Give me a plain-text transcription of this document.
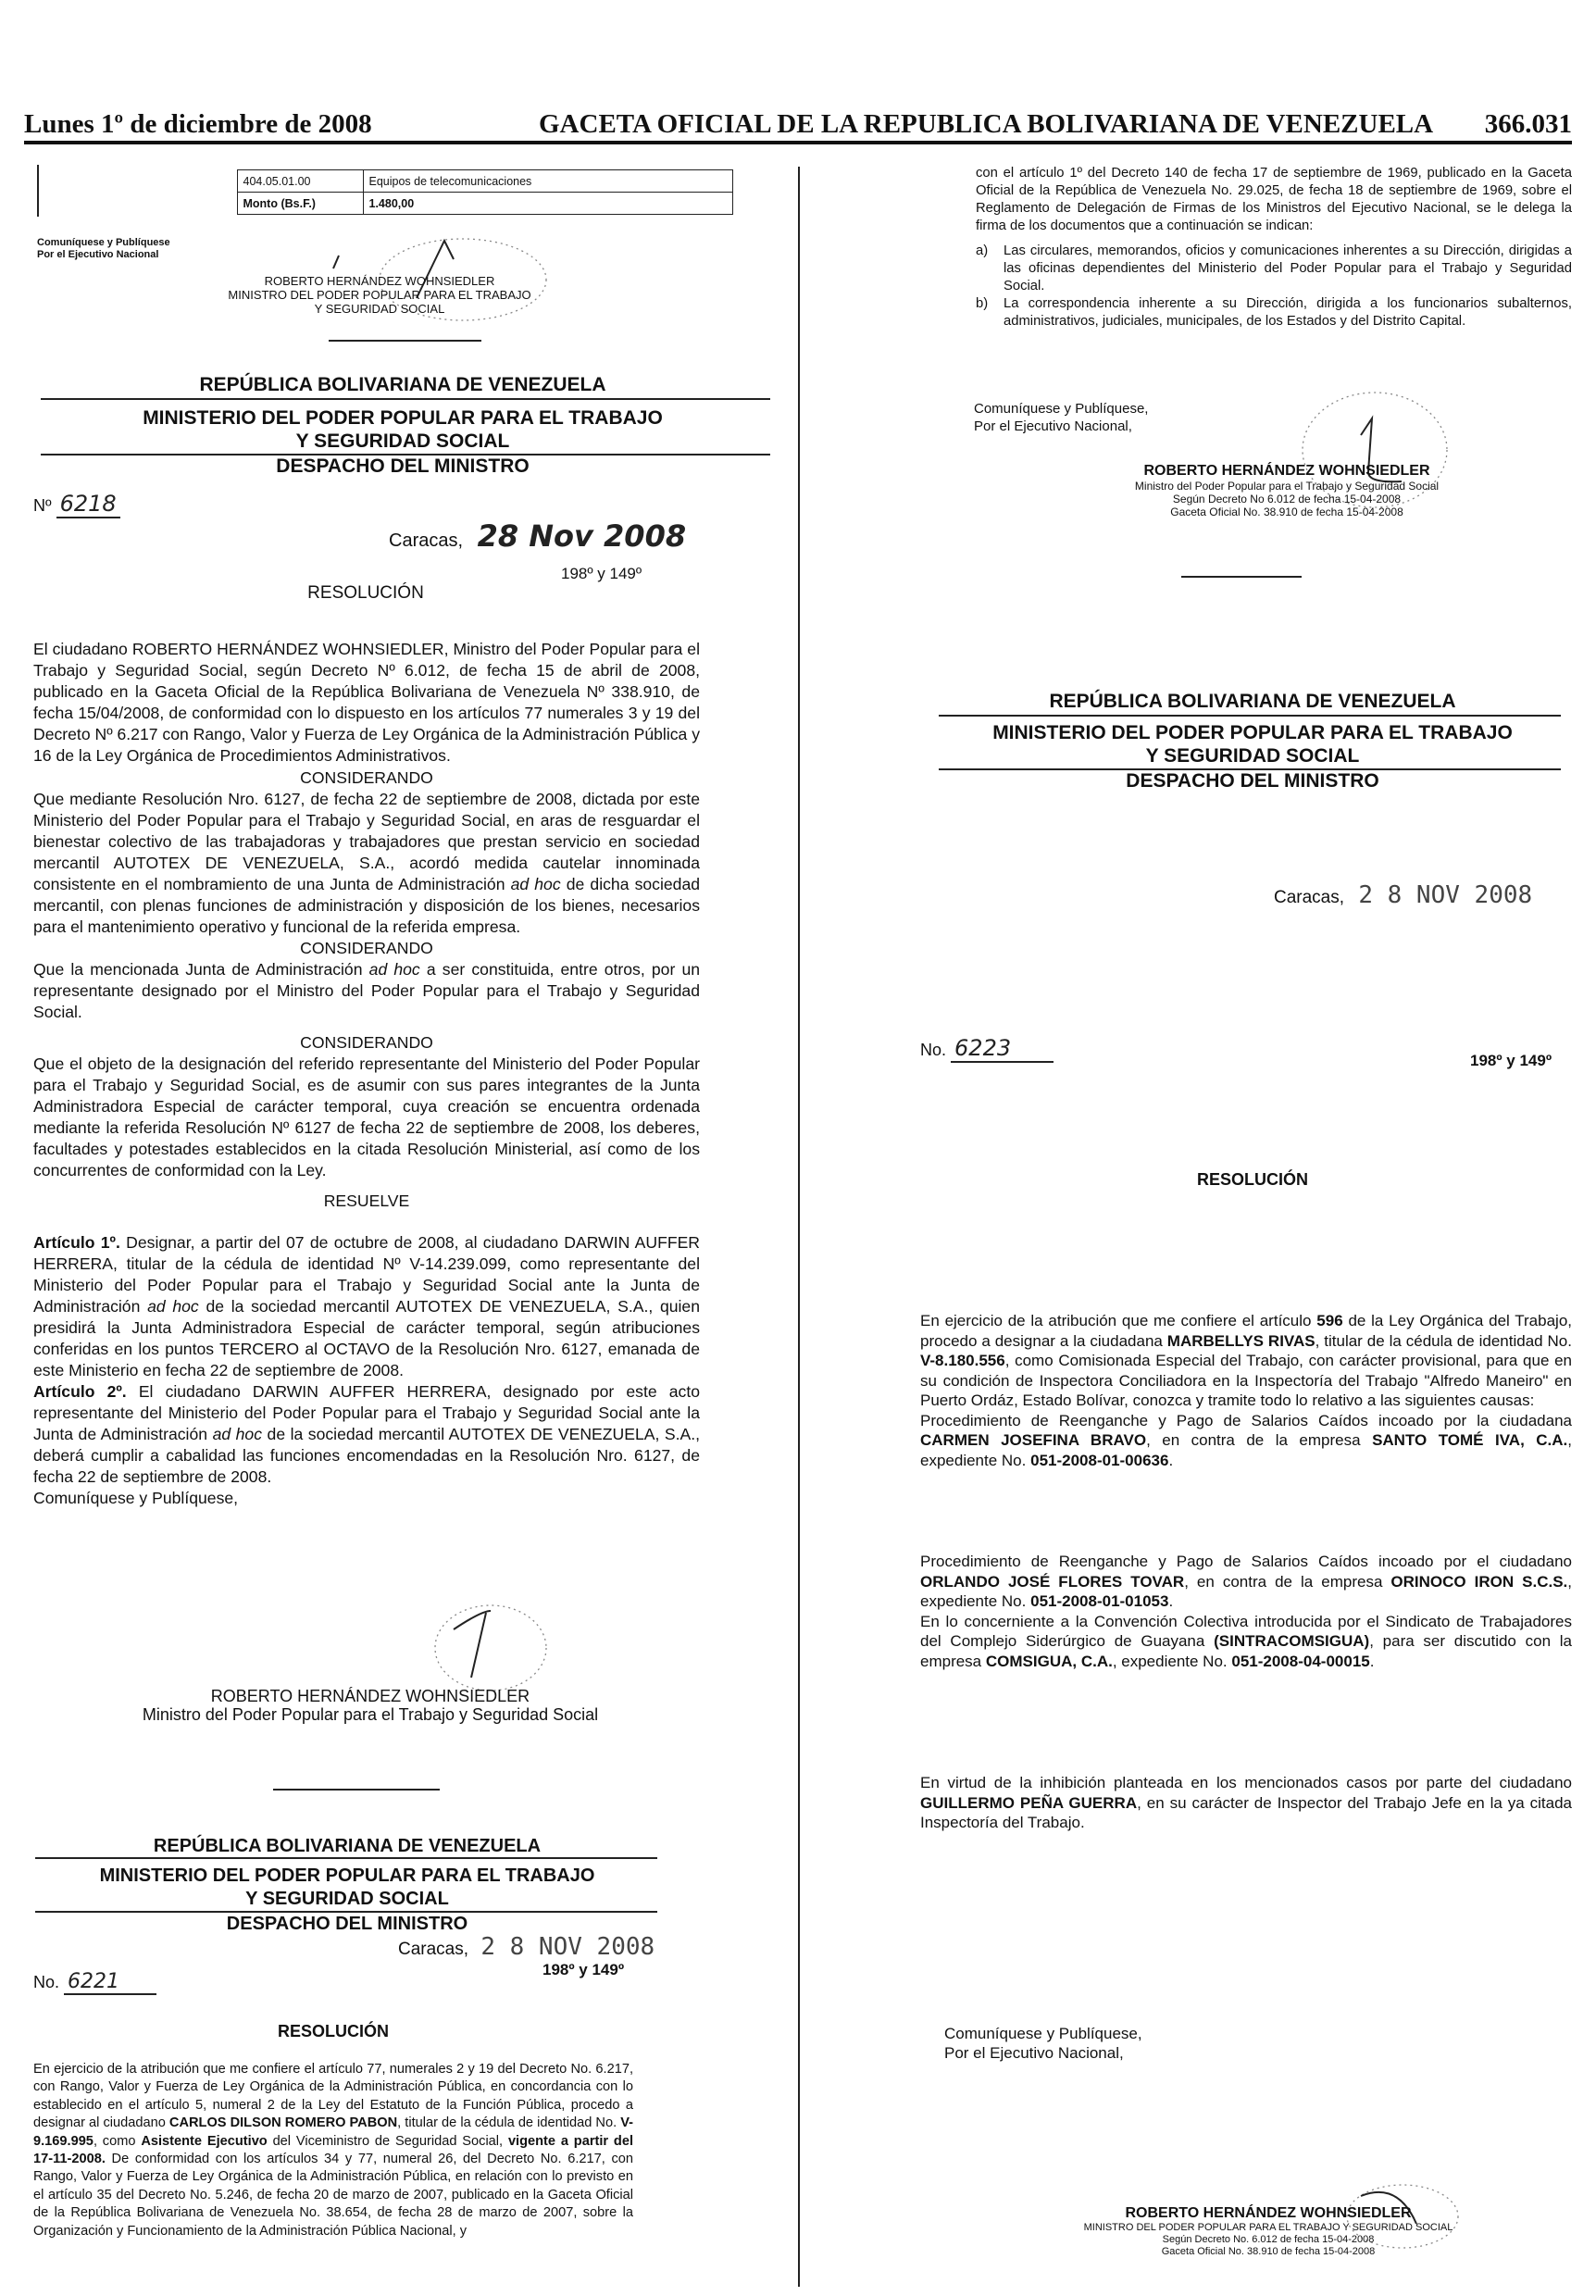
Lunes 1º de diciembre de 2008	GACETA OFICIAL DE LA REPUBLICA BOLIVARIANA DE VENEZUELA 366.031
	404.05.01.00	Equipos de telecomunicaciones
	Monto (Bs.F.)	1.480,00
Comuníquese y Publíquese
Por el Ejecutivo Nacional
ROBERTO HERNÁNDEZ WOHNSIEDLER
MINISTRO DEL PODER POPULAR PARA EL TRABAJO
Y SEGURIDAD SOCIAL
REPÚBLICA BOLIVARIANA DE VENEZUELA
MINISTERIO DEL PODER POPULAR PARA EL TRABAJO
Y SEGURIDAD SOCIAL
DESPACHO DEL MINISTRO
Nº 6218
Caracas, 28 Nov 2008
198º y 149º
RESOLUCIÓN

El ciudadano ROBERTO HERNÁNDEZ WOHNSIEDLER, Ministro del Poder Popular para el Trabajo y Seguridad Social, según Decreto Nº 6.012, de fecha 15 de abril de 2008, publicado en la Gaceta Oficial de la República Bolivariana de Venezuela Nº 338.910, de fecha 15/04/2008, de conformidad con lo dispuesto en los artículos 77 numerales 3 y 19 del Decreto Nº 6.217 con Rango, Valor y Fuerza de Ley Orgánica de la Administración Pública y 16 de la Ley Orgánica de Procedimientos Administrativos.

CONSIDERANDO

Que mediante Resolución Nro. 6127, de fecha 22 de septiembre de 2008, dictada por este Ministerio del Poder Popular para el Trabajo y Seguridad Social, en aras de resguardar el bienestar colectivo de las trabajadoras y trabajadores que prestan servicio en sociedad mercantil AUTOTEX DE VENEZUELA, S.A., acordó medida cautelar innominada consistente en el nombramiento de una Junta de Administración ad hoc de dicha sociedad mercantil, con plenas funciones de administración y disposición de los bienes, necesarios para el mantenimiento operativo y funcional de la referida empresa.

CONSIDERANDO

Que la mencionada Junta de Administración ad hoc a ser constituida, entre otros, por un representante designado por el Ministro del Poder Popular para el Trabajo y Seguridad Social.

CONSIDERANDO

Que el objeto de la designación del referido representante del Ministerio del Poder Popular para el Trabajo y Seguridad Social, es de asumir con sus pares integrantes de la Junta Administradora Especial de carácter temporal, cuya creación se encuentra ordenada mediante la referida Resolución Nº 6127 de fecha 22 de septiembre de 2008, los deberes, facultades y potestades establecidos en la citada Resolución Ministerial, así como de los concurrentes de conformidad con la Ley.

RESUELVE

Artículo 1º. Designar, a partir del 07 de octubre de 2008, al ciudadano DARWIN AUFFER HERRERA, titular de la cédula de identidad Nº V-14.239.099, como representante del Ministerio del Poder Popular para el Trabajo y Seguridad Social ante la Junta de Administración ad hoc de la sociedad mercantil AUTOTEX DE VENEZUELA, S.A., quien presidirá la Junta Administradora Especial de carácter temporal, según atribuciones conferidas en los puntos TERCERO al OCTAVO de la Resolución Nro. 6127, emanada de este Ministerio en fecha 22 de septiembre de 2008.

Artículo 2º. El ciudadano DARWIN AUFFER HERRERA, designado por este acto representante del Ministerio del Poder Popular para el Trabajo y Seguridad Social ante la Junta de Administración ad hoc de la sociedad mercantil AUTOTEX DE VENEZUELA, S.A., deberá cumplir a cabalidad las funciones encomendadas en la Resolución Nro. 6127, de fecha 22 de septiembre de 2008.

Comuníquese y Publíquese,

ROBERTO HERNÁNDEZ WOHNSIEDLER
Ministro del Poder Popular para el Trabajo y Seguridad Social
REPÚBLICA BOLIVARIANA DE VENEZUELA
MINISTERIO DEL PODER POPULAR PARA EL TRABAJO
Y SEGURIDAD SOCIAL
DESPACHO DEL MINISTRO
Caracas, 2 8 NOV 2008
198º y 149º
No. 6221
RESOLUCIÓN
En ejercicio de la atribución que me confiere el artículo 77, numerales 2 y 19 del Decreto No. 6.217, con Rango, Valor y Fuerza de Ley Orgánica de la Administración Pública, en concordancia con lo establecido en el artículo 5, numeral 2 de la Ley del Estatuto de la Función Pública, procedo a designar al ciudadano CARLOS DILSON ROMERO PABON, titular de la cédula de identidad No. V-9.169.995, como Asistente Ejecutivo del Viceministro de Seguridad Social, vigente a partir del 17-11-2008. De conformidad con los artículos 34 y 77, numeral 26, del Decreto No. 6.217, con Rango, Valor y Fuerza de Ley Orgánica de la Administración Pública, en relación con lo previsto en el artículo 35 del Decreto No. 5.246, de fecha 20 de marzo de 2007, publicado en la Gaceta Oficial de la República Bolivariana de Venezuela No. 38.654, de fecha 28 de marzo de 2007, sobre la Organización y Funcionamiento de la Administración Pública Nacional, y

con el artículo 1º del Decreto 140 de fecha 17 de septiembre de 1969, publicado en la Gaceta Oficial de la República de Venezuela No. 29.025, de fecha 18 de septiembre de 1969, sobre el Reglamento de Delegación de Firmas de los Ministros del Ejecutivo Nacional, se le delega la firma de los documentos que a continuación se indican:

a)	Las circulares, memorandos, oficios y comunicaciones inherentes a su Dirección, dirigidas a las oficinas dependientes del Ministerio del Poder Popular para el Trabajo y Seguridad Social.
b)	La correspondencia inherente a su Dirección, dirigida a los funcionarios subalternos, administrativos, judiciales, municipales, de los Estados y del Distrito Capital.
Comuníquese y Publíquese,
Por el Ejecutivo Nacional,
ROBERTO HERNÁNDEZ WOHNSIEDLER
Ministro del Poder Popular para el Trabajo y Seguridad Social
Según Decreto No 6.012 de fecha 15-04-2008
Gaceta Oficial No. 38.910 de fecha 15-04-2008
REPÚBLICA BOLIVARIANA DE VENEZUELA
MINISTERIO DEL PODER POPULAR PARA EL TRABAJO
Y SEGURIDAD SOCIAL
DESPACHO DEL MINISTRO
Caracas, 2 8 NOV 2008
No. 6223	198º y 149º
RESOLUCIÓN

En ejercicio de la atribución que me confiere el artículo 596 de la Ley Orgánica del Trabajo, procedo a designar a la ciudadana MARBELLYS RIVAS, titular de la cédula de identidad No. V-8.180.556, como Comisionada Especial del Trabajo, con carácter provisional, para que en su condición de Inspectora Conciliadora en la Inspectoría del Trabajo "Alfredo Maneiro" en Puerto Ordáz, Estado Bolívar, conozca y tramite todo lo relativo a las siguientes causas:

Procedimiento de Reenganche y Pago de Salarios Caídos incoado por la ciudadana CARMEN JOSEFINA BRAVO, en contra de la empresa SANTO TOMÉ IVA, C.A., expediente No. 051-2008-01-00636.

Procedimiento de Reenganche y Pago de Salarios Caídos incoado por el ciudadano ORLANDO JOSÉ FLORES TOVAR, en contra de la empresa ORINOCO IRON S.C.S., expediente No. 051-2008-01-01053.

En lo concerniente a la Convención Colectiva introducida por el Sindicato de Trabajadores del Complejo Siderúrgico de Guayana (SINTRACOMSIGUA), para ser discutido con la empresa COMSIGUA, C.A., expediente No. 051-2008-04-00015.

En virtud de la inhibición planteada en los mencionados casos por parte del ciudadano GUILLERMO PEÑA GUERRA, en su carácter de Inspector del Trabajo Jefe en la ya citada Inspectoría del Trabajo.

Comuníquese y Publíquese,
Por el Ejecutivo Nacional,
ROBERTO HERNÁNDEZ WOHNSIEDLER
MINISTRO DEL PODER POPULAR PARA EL TRABAJO Y SEGURIDAD SOCIAL
Según Decreto No. 6.012 de fecha 15-04-2008
Gaceta Oficial No. 38.910 de fecha 15-04-2008
